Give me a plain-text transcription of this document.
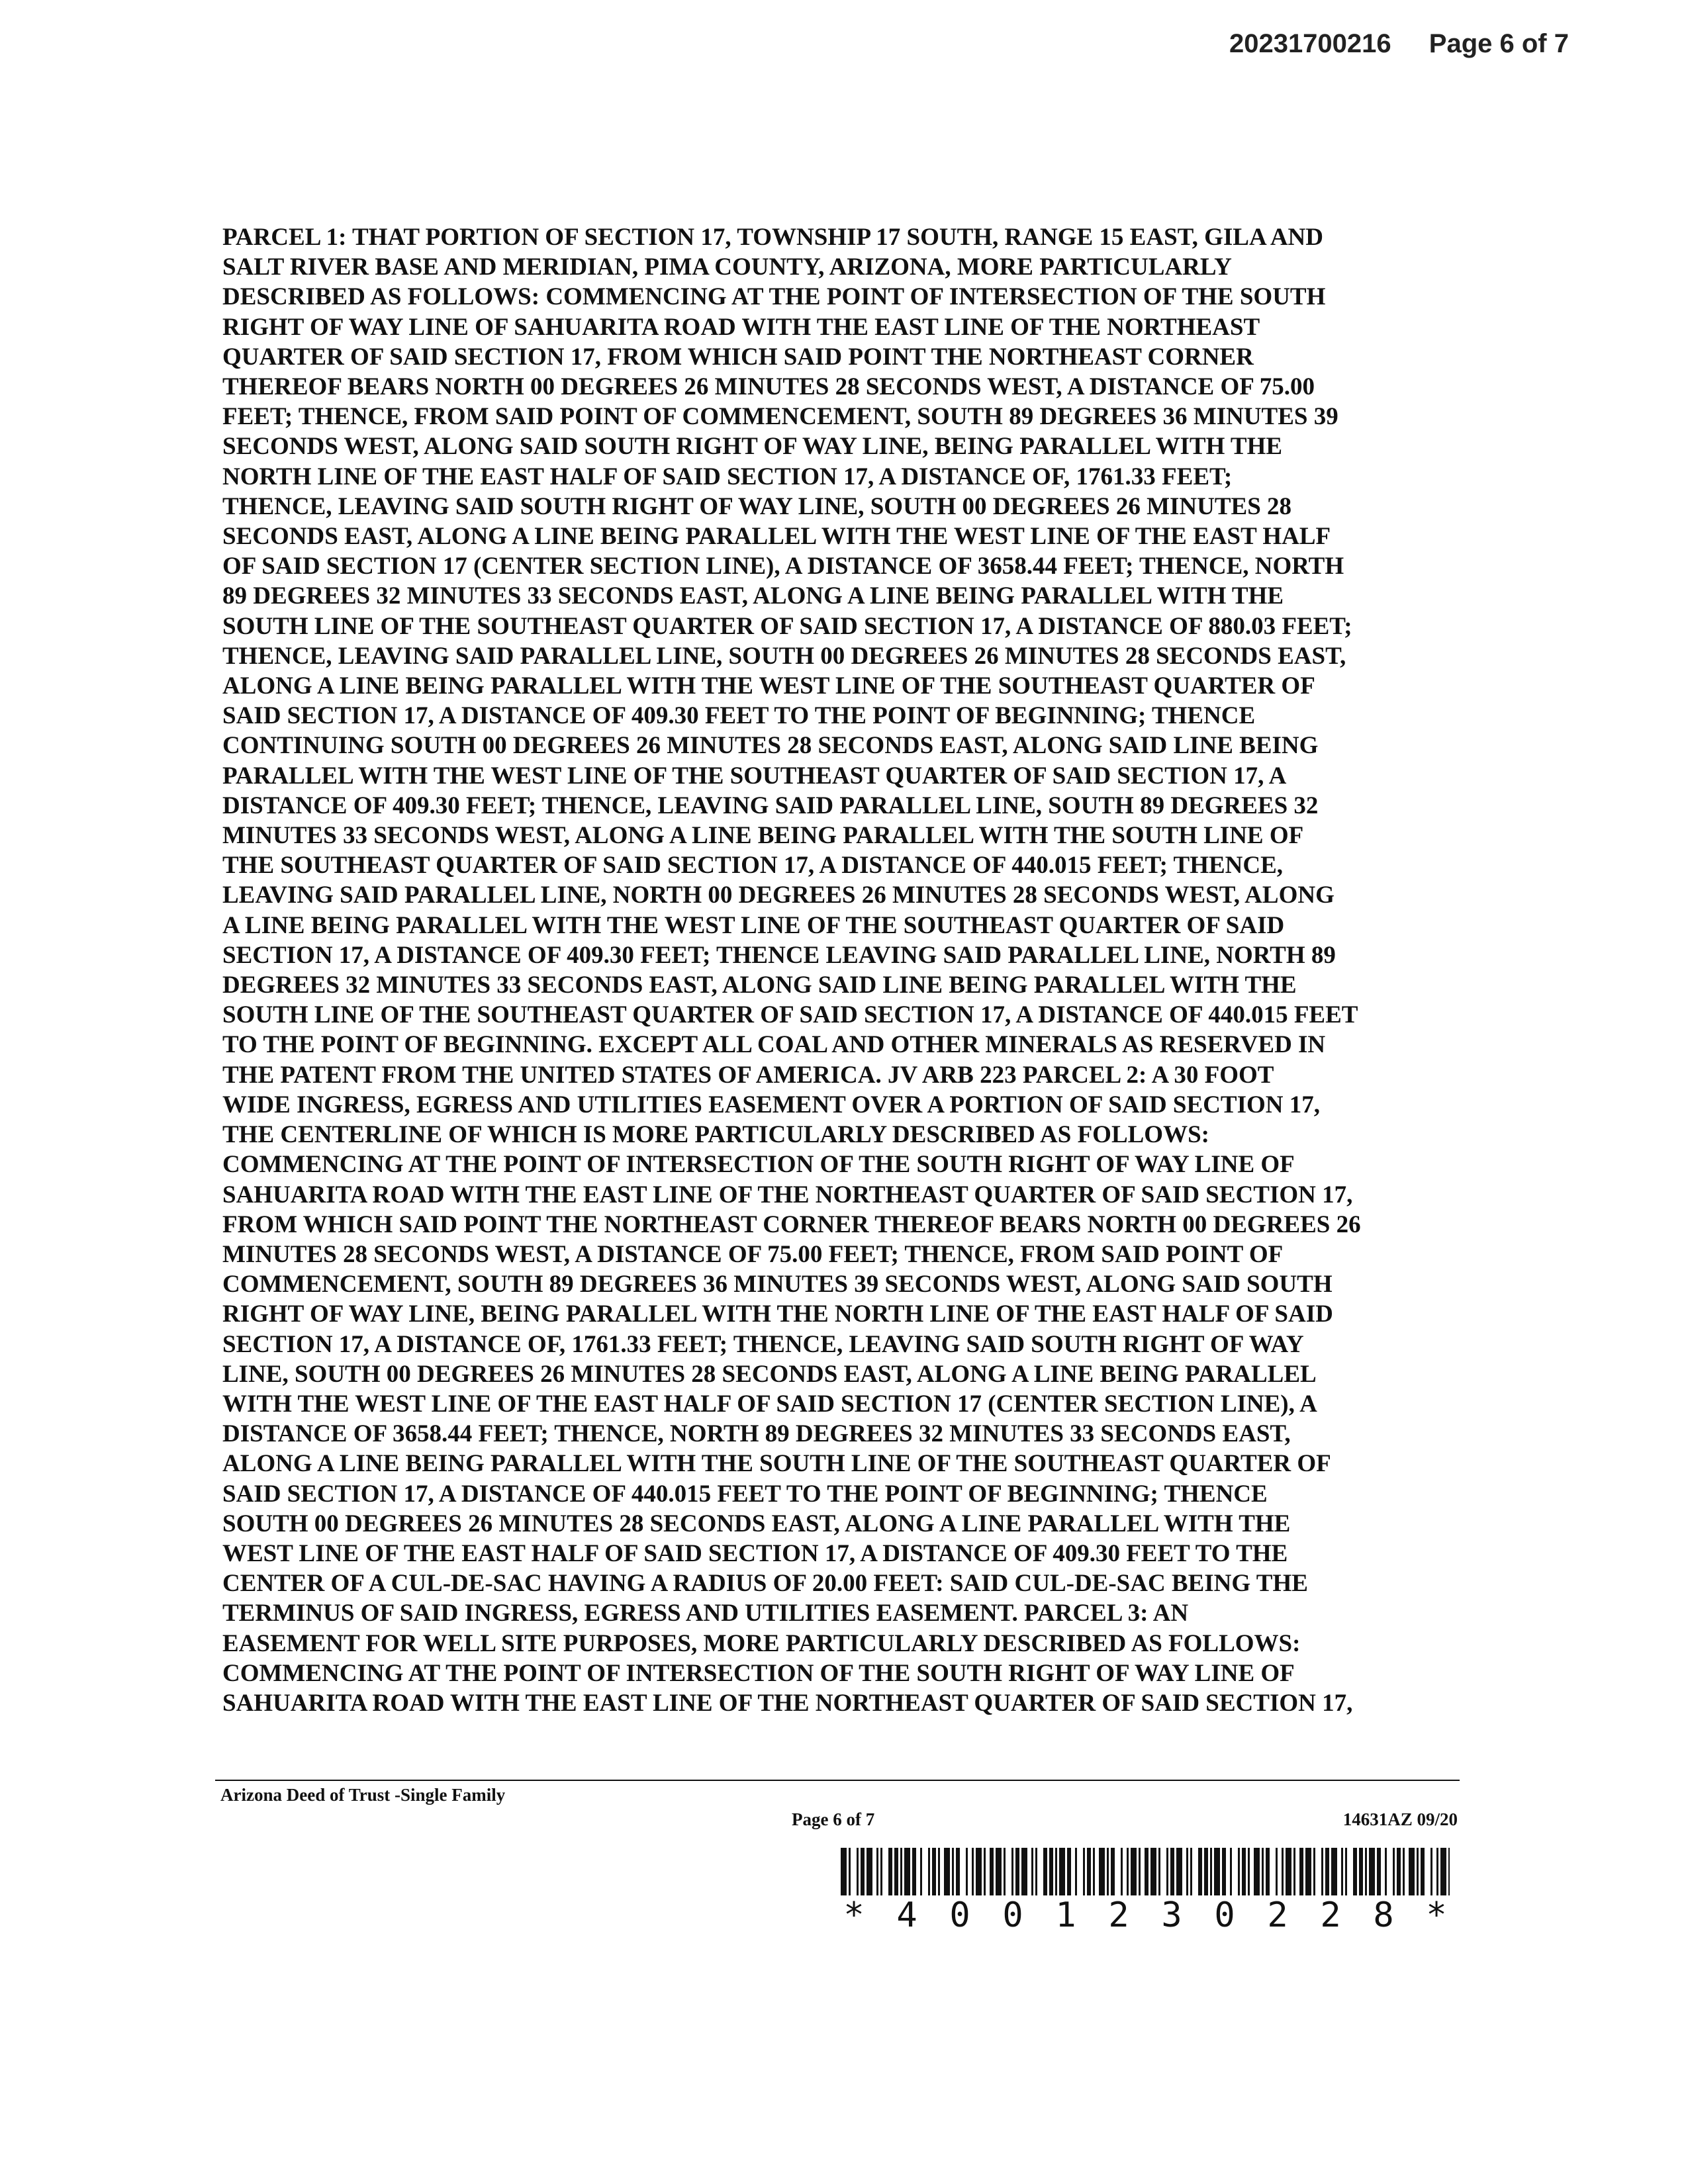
20231700216 Page 6 of 7
PARCEL 1: THAT PORTION OF SECTION 17, TOWNSHIP 17 SOUTH, RANGE 15 EAST, GILA AND
SALT RIVER BASE AND MERIDIAN, PIMA COUNTY, ARIZONA, MORE PARTICULARLY
DESCRIBED AS FOLLOWS: COMMENCING AT THE POINT OF INTERSECTION OF THE SOUTH
RIGHT OF WAY LINE OF SAHUARITA ROAD WITH THE EAST LINE OF THE NORTHEAST
QUARTER OF SAID SECTION 17, FROM WHICH SAID POINT THE NORTHEAST CORNER
THEREOF BEARS NORTH 00 DEGREES 26 MINUTES 28 SECONDS WEST, A DISTANCE OF 75.00
FEET; THENCE, FROM SAID POINT OF COMMENCEMENT, SOUTH 89 DEGREES 36 MINUTES 39
SECONDS WEST, ALONG SAID SOUTH RIGHT OF WAY LINE, BEING PARALLEL WITH THE
NORTH LINE OF THE EAST HALF OF SAID SECTION 17, A DISTANCE OF, 1761.33 FEET;
THENCE, LEAVING SAID SOUTH RIGHT OF WAY LINE, SOUTH 00 DEGREES 26 MINUTES 28
SECONDS EAST, ALONG A LINE BEING PARALLEL WITH THE WEST LINE OF THE EAST HALF
OF SAID SECTION 17 (CENTER SECTION LINE), A DISTANCE OF 3658.44 FEET; THENCE, NORTH
89 DEGREES 32 MINUTES 33 SECONDS EAST, ALONG A LINE BEING PARALLEL WITH THE
SOUTH LINE OF THE SOUTHEAST QUARTER OF SAID SECTION 17, A DISTANCE OF 880.03 FEET;
THENCE, LEAVING SAID PARALLEL LINE, SOUTH 00 DEGREES 26 MINUTES 28 SECONDS EAST,
ALONG A LINE BEING PARALLEL WITH THE WEST LINE OF THE SOUTHEAST QUARTER OF
SAID SECTION 17, A DISTANCE OF 409.30 FEET TO THE POINT OF BEGINNING; THENCE
CONTINUING SOUTH 00 DEGREES 26 MINUTES 28 SECONDS EAST, ALONG SAID LINE BEING
PARALLEL WITH THE WEST LINE OF THE SOUTHEAST QUARTER OF SAID SECTION 17, A
DISTANCE OF 409.30 FEET; THENCE, LEAVING SAID PARALLEL LINE, SOUTH 89 DEGREES 32
MINUTES 33 SECONDS WEST, ALONG A LINE BEING PARALLEL WITH THE SOUTH LINE OF
THE SOUTHEAST QUARTER OF SAID SECTION 17, A DISTANCE OF 440.015 FEET; THENCE,
LEAVING SAID PARALLEL LINE, NORTH 00 DEGREES 26 MINUTES 28 SECONDS WEST, ALONG
A LINE BEING PARALLEL WITH THE WEST LINE OF THE SOUTHEAST QUARTER OF SAID
SECTION 17, A DISTANCE OF 409.30 FEET; THENCE LEAVING SAID PARALLEL LINE, NORTH 89
DEGREES 32 MINUTES 33 SECONDS EAST, ALONG SAID LINE BEING PARALLEL WITH THE
SOUTH LINE OF THE SOUTHEAST QUARTER OF SAID SECTION 17, A DISTANCE OF 440.015 FEET
TO THE POINT OF BEGINNING. EXCEPT ALL COAL AND OTHER MINERALS AS RESERVED IN
THE PATENT FROM THE UNITED STATES OF AMERICA. JV ARB 223 PARCEL 2: A 30 FOOT
WIDE INGRESS, EGRESS AND UTILITIES EASEMENT OVER A PORTION OF SAID SECTION 17,
THE CENTERLINE OF WHICH IS MORE PARTICULARLY DESCRIBED AS FOLLOWS:
COMMENCING AT THE POINT OF INTERSECTION OF THE SOUTH RIGHT OF WAY LINE OF
SAHUARITA ROAD WITH THE EAST LINE OF THE NORTHEAST QUARTER OF SAID SECTION 17,
FROM WHICH SAID POINT THE NORTHEAST CORNER THEREOF BEARS NORTH 00 DEGREES 26
MINUTES 28 SECONDS WEST, A DISTANCE OF 75.00 FEET; THENCE, FROM SAID POINT OF
COMMENCEMENT, SOUTH 89 DEGREES 36 MINUTES 39 SECONDS WEST, ALONG SAID SOUTH
RIGHT OF WAY LINE, BEING PARALLEL WITH THE NORTH LINE OF THE EAST HALF OF SAID
SECTION 17, A DISTANCE OF, 1761.33 FEET; THENCE, LEAVING SAID SOUTH RIGHT OF WAY
LINE, SOUTH 00 DEGREES 26 MINUTES 28 SECONDS EAST, ALONG A LINE BEING PARALLEL
WITH THE WEST LINE OF THE EAST HALF OF SAID SECTION 17 (CENTER SECTION LINE), A
DISTANCE OF 3658.44 FEET; THENCE, NORTH 89 DEGREES 32 MINUTES 33 SECONDS EAST,
ALONG A LINE BEING PARALLEL WITH THE SOUTH LINE OF THE SOUTHEAST QUARTER OF
SAID SECTION 17, A DISTANCE OF 440.015 FEET TO THE POINT OF BEGINNING; THENCE
SOUTH 00 DEGREES 26 MINUTES 28 SECONDS EAST, ALONG A LINE PARALLEL WITH THE
WEST LINE OF THE EAST HALF OF SAID SECTION 17, A DISTANCE OF 409.30 FEET TO THE
CENTER OF A CUL-DE-SAC HAVING A RADIUS OF 20.00 FEET: SAID CUL-DE-SAC BEING THE
TERMINUS OF SAID INGRESS, EGRESS AND UTILITIES EASEMENT. PARCEL 3: AN
EASEMENT FOR WELL SITE PURPOSES, MORE PARTICULARLY DESCRIBED AS FOLLOWS:
COMMENCING AT THE POINT OF INTERSECTION OF THE SOUTH RIGHT OF WAY LINE OF
SAHUARITA ROAD WITH THE EAST LINE OF THE NORTHEAST QUARTER OF SAID SECTION 17,
Arizona Deed of Trust -Single Family
Page 6 of 7	14631AZ 09/20
* 4 0 0 1 2 3 0 2 2 8 *
